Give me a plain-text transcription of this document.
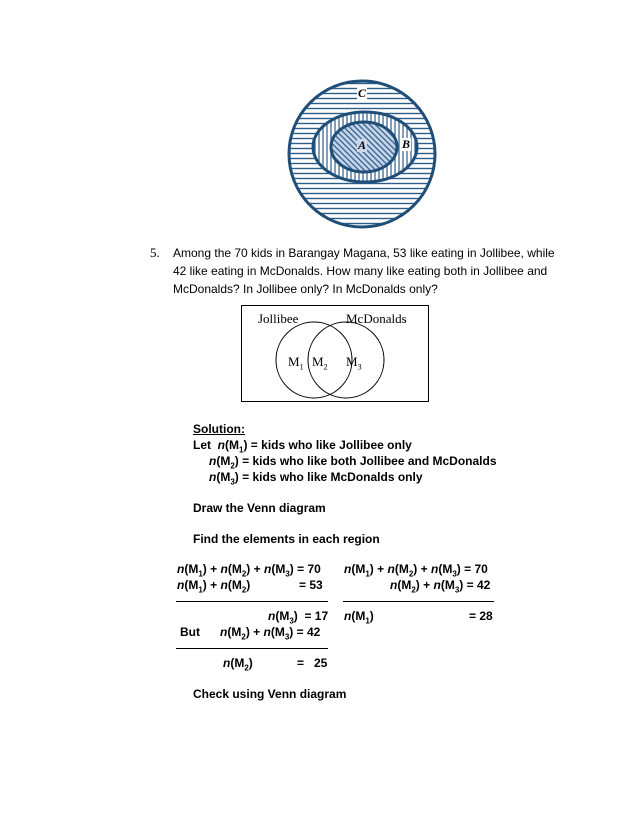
C
B
A
5. Among the 70 kids in Barangay Magana, 53 like eating in Jollibee, while
42 like eating in McDonalds. How many like eating both in Jollibee and
McDonalds? In Jollibee only? In McDonalds only?
Jollibee	McDonalds
$M_1$ $M_2$ $M_3$
Solution:
Let $n(M_1)$ = kids who like Jollibee only
$n(M_2)$ = kids who like both Jollibee and McDonalds
$n(M_3)$ = kids who like McDonalds only
Draw the Venn diagram
Find the elements in each region
$n(M_1) + n(M_2) + n(M_3) = 70$
$n(M_1) + n(M_2)$	= 53
$n(M_3) = 17$
But $n(M_2) + n(M_3) = 42$
$n(M_2)$	=   25
$n(M_1) + n(M_2) + n(M_3) = 70$
$n(M_2) + n(M_3) = 42$
$n(M_1)$	= 28
Check using Venn diagram
